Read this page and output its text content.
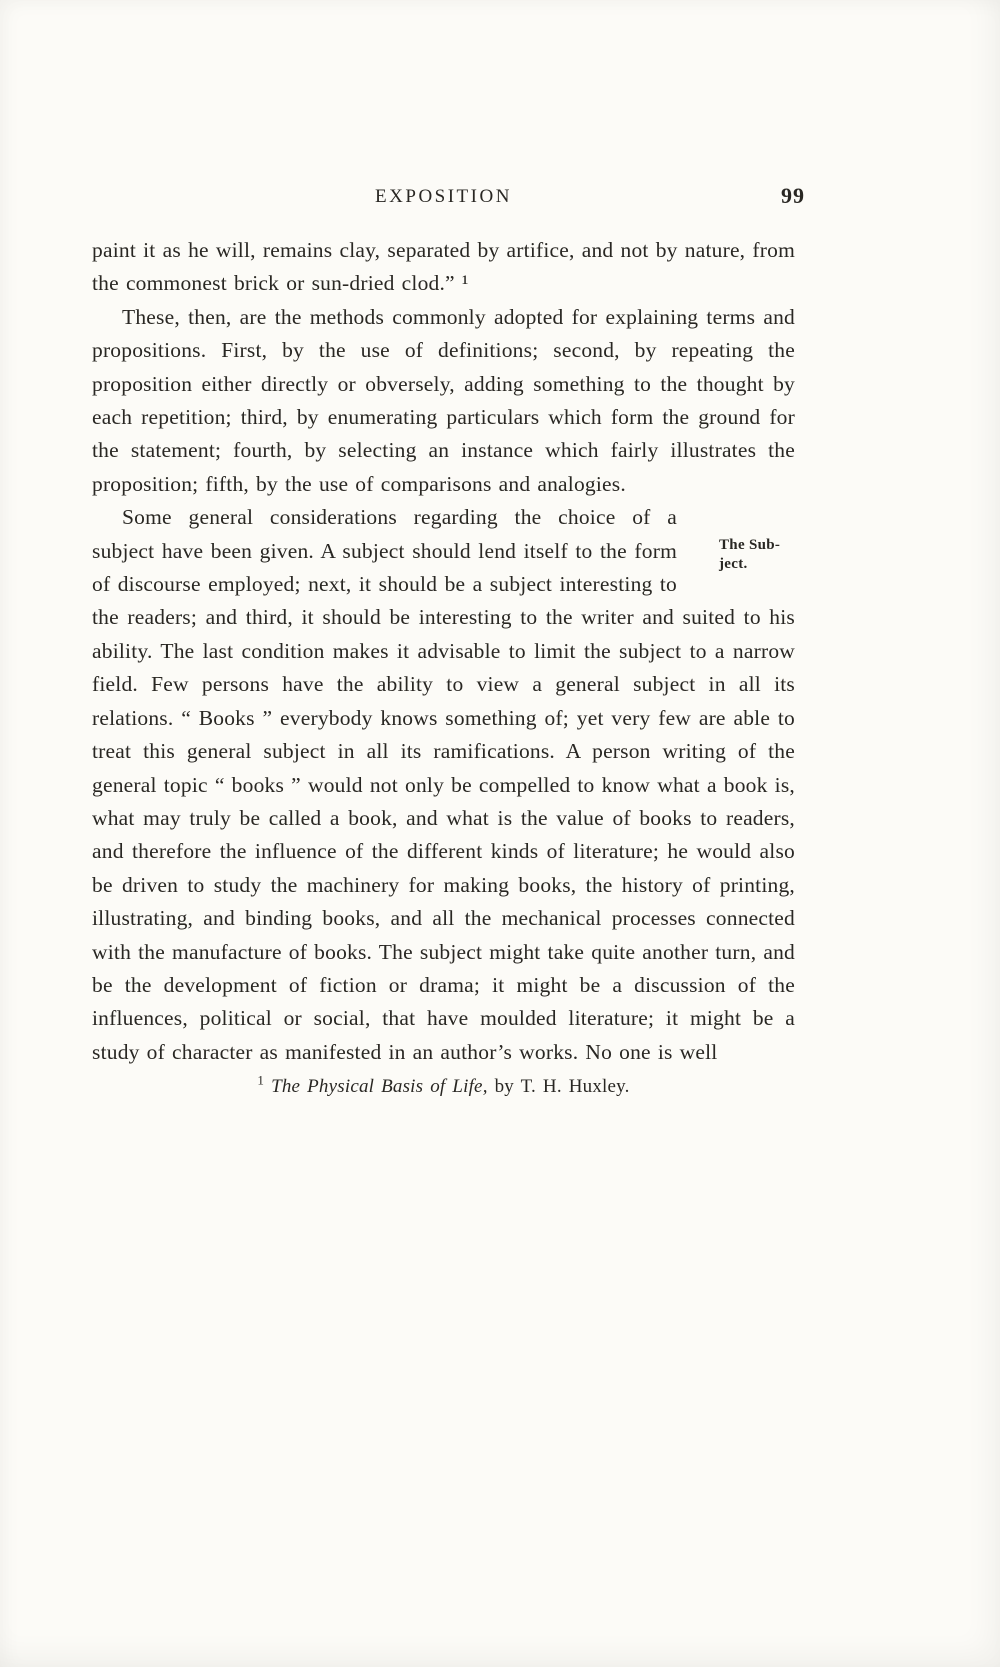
EXPOSITION	99

paint it as he will, remains clay, separated by artifice, and not by nature, from the commonest brick or sun-dried clod.” ¹

These, then, are the methods commonly adopted for explaining terms and propositions. First, by the use of definitions; second, by repeating the proposition either directly or obversely, adding something to the thought by each repetition; third, by enumerating particulars which form the ground for the statement; fourth, by selecting an instance which fairly illustrates the proposition; fifth, by the use of comparisons and analogies.

The Sub-ject.
Some general considerations regarding the choice of a subject have been given. A subject should lend itself to the form of discourse employed; next, it should be a subject interesting to the readers; and third, it should be interesting to the writer and suited to his ability. The last condition makes it advisable to limit the subject to a narrow field. Few persons have the ability to view a general subject in all its relations. “ Books ” everybody knows something of; yet very few are able to treat this general subject in all its ramifications. A person writing of the general topic “ books ” would not only be compelled to know what a book is, what may truly be called a book, and what is the value of books to readers, and therefore the influence of the different kinds of literature; he would also be driven to study the machinery for making books, the history of printing, illustrating, and binding books, and all the mechanical processes connected with the manufacture of books. The subject might take quite another turn, and be the development of fiction or drama; it might be a discussion of the influences, political or social, that have moulded literature; it might be a study of character as manifested in an author’s works. No one is well

$^1$ The Physical Basis of Life, by T. H. Huxley.
